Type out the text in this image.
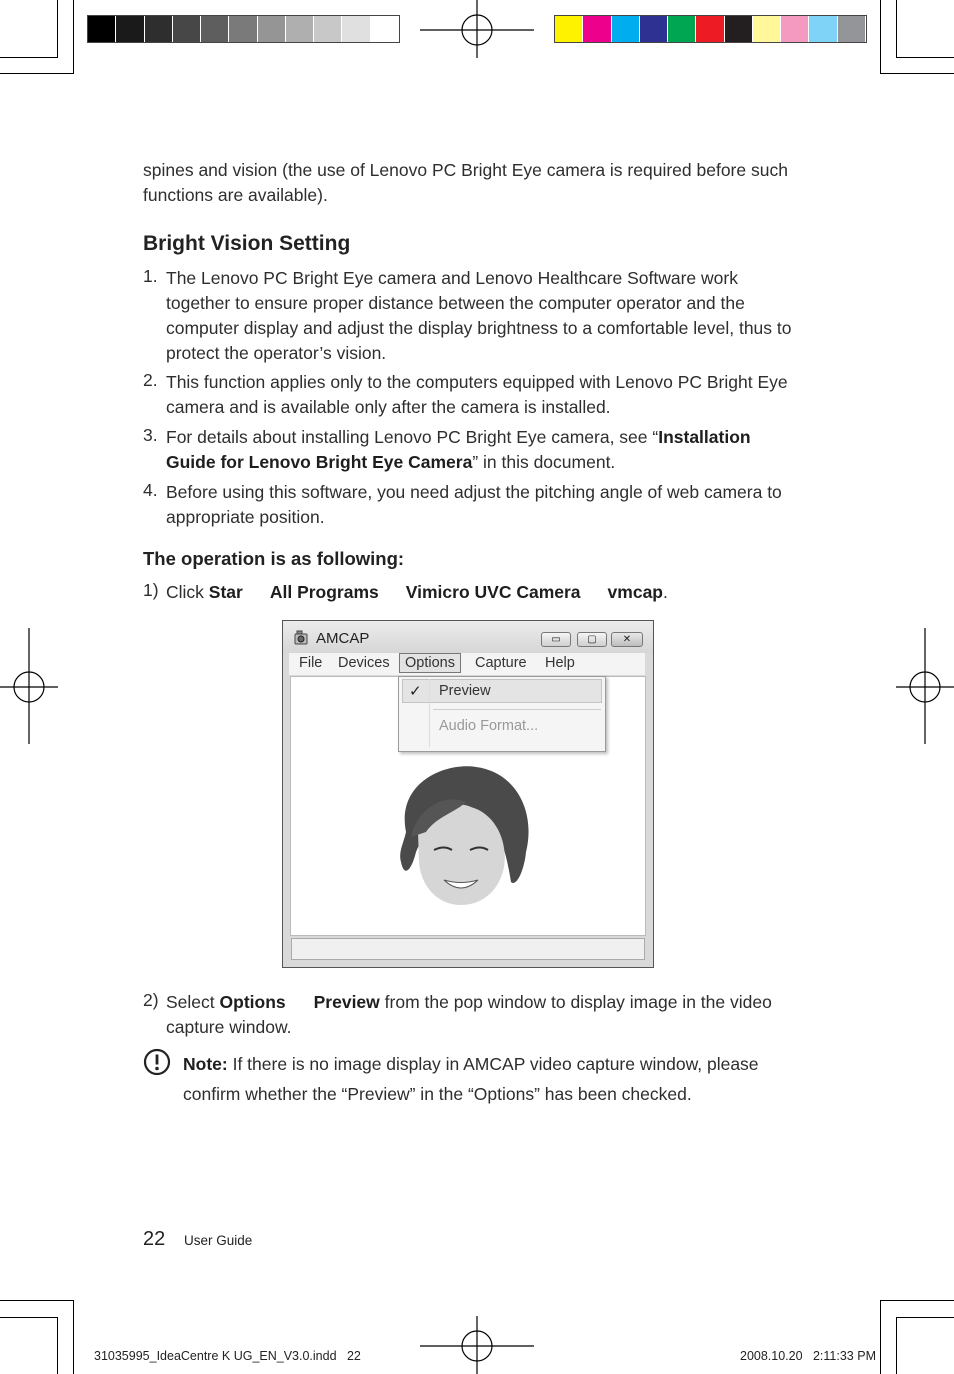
spines and vision (the use of Lenovo PC Bright Eye camera is required before such functions are available).
Bright Vision Setting
1. The Lenovo PC Bright Eye camera and Lenovo Healthcare Software work together to ensure proper distance between the computer operator and the computer display and adjust the display brightness to a comfortable level, thus to protect the operator’s vision.
2. This function applies only to the computers equipped with Lenovo PC Bright Eye camera and is available only after the camera is installed.
3. For details about installing Lenovo PC Bright Eye camera, see “Installation Guide for Lenovo Bright Eye Camera” in this document.
4. Before using this software, you need adjust the pitching angle of web camera to appropriate position.
The operation is as following:
1) Click Star All Programs Vimicro UVC Camera vmcap.
AMCAP	▭	▢	✕
File Devices	Options	Capture Help
✓ Preview
Audio Format...
2) Select Options Preview from the pop window to display image in the video capture window.
Note: If there is no image display in AMCAP video capture window, please confirm whether the “Preview” in the “Options” has been checked.
22 User Guide
31035995_IdeaCentre K UG_EN_V3.0.indd   22	2008.10.20   2:11:33 PM
